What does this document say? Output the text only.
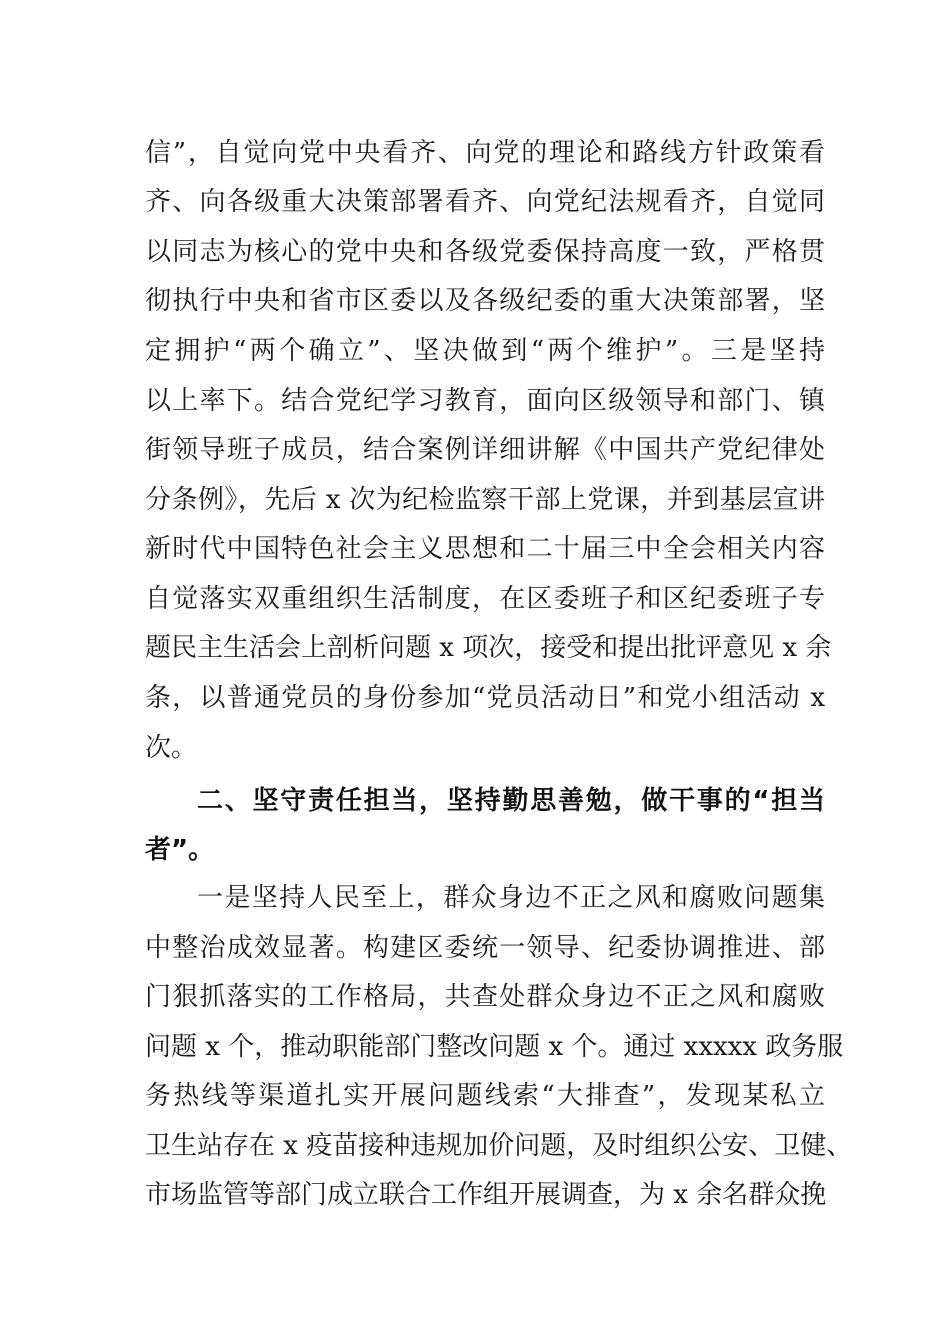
信”，自觉向党中央看齐、向党的理论和路线方针政策看
齐、向各级重大决策部署看齐、向党纪法规看齐，自觉同
以同志为核心的党中央和各级党委保持高度一致，严格贯
彻执行中央和省市区委以及各级纪委的重大决策部署，坚
定拥护“两个确立”、坚决做到“两个维护”。三是坚持
以上率下。结合党纪学习教育，面向区级领导和部门、镇
街领导班子成员，结合案例详细讲解《中国共产党纪律处
分条例》，先后 x 次为纪检监察干部上党课，并到基层宣讲
新时代中国特色社会主义思想和二十届三中全会相关内容
自觉落实双重组织生活制度，在区委班子和区纪委班子专
题民主生活会上剖析问题 x 项次，接受和提出批评意见 x 余
条，以普通党员的身份参加“党员活动日”和党小组活动 x
次。
二、坚守责任担当，坚持勤思善勉，做干事的“担当
者”。
一是坚持人民至上，群众身边不正之风和腐败问题集
中整治成效显著。构建区委统一领导、纪委协调推进、部
门狠抓落实的工作格局，共查处群众身边不正之风和腐败
问题 x 个，推动职能部门整改问题 x 个。通过 xxxxx 政务服
务热线等渠道扎实开展问题线索“大排查”，发现某私立
卫生站存在 x 疫苗接种违规加价问题，及时组织公安、卫健、
市场监管等部门成立联合工作组开展调查，为 x 余名群众挽
